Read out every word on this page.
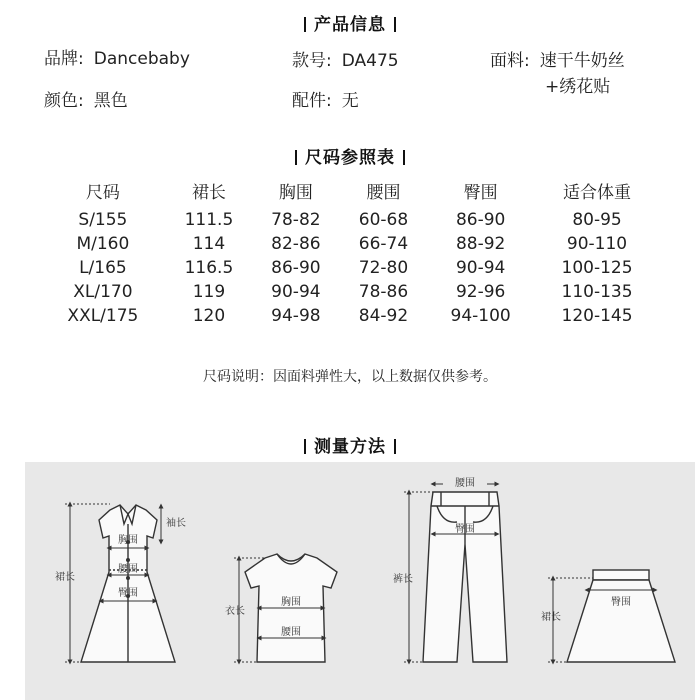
产品信息
品牌: Dancebaby	款号: DA475	面料: 速干牛奶丝
+绣花贴
颜色: 黑色	配件: 无
尺码参照表
尺码	裙长	胸围	腰围	臀围	适合体重
S/155	111.5	78-82	60-68	86-90	80-95
M/160	114	82-86	66-74	88-92	90-110
L/165	116.5	86-90	72-80	90-94	100-125
XL/170	119	90-94	78-86	92-96	110-135
XXL/175	120	94-98	84-92	94-100	120-145
尺码说明：因面料弹性大，以上数据仅供参考。
测量方法
裙长
袖长
胸围
腰围
臀围
衣长
胸围
腰围
腰围
臀围
裤长
裙长
臀围
